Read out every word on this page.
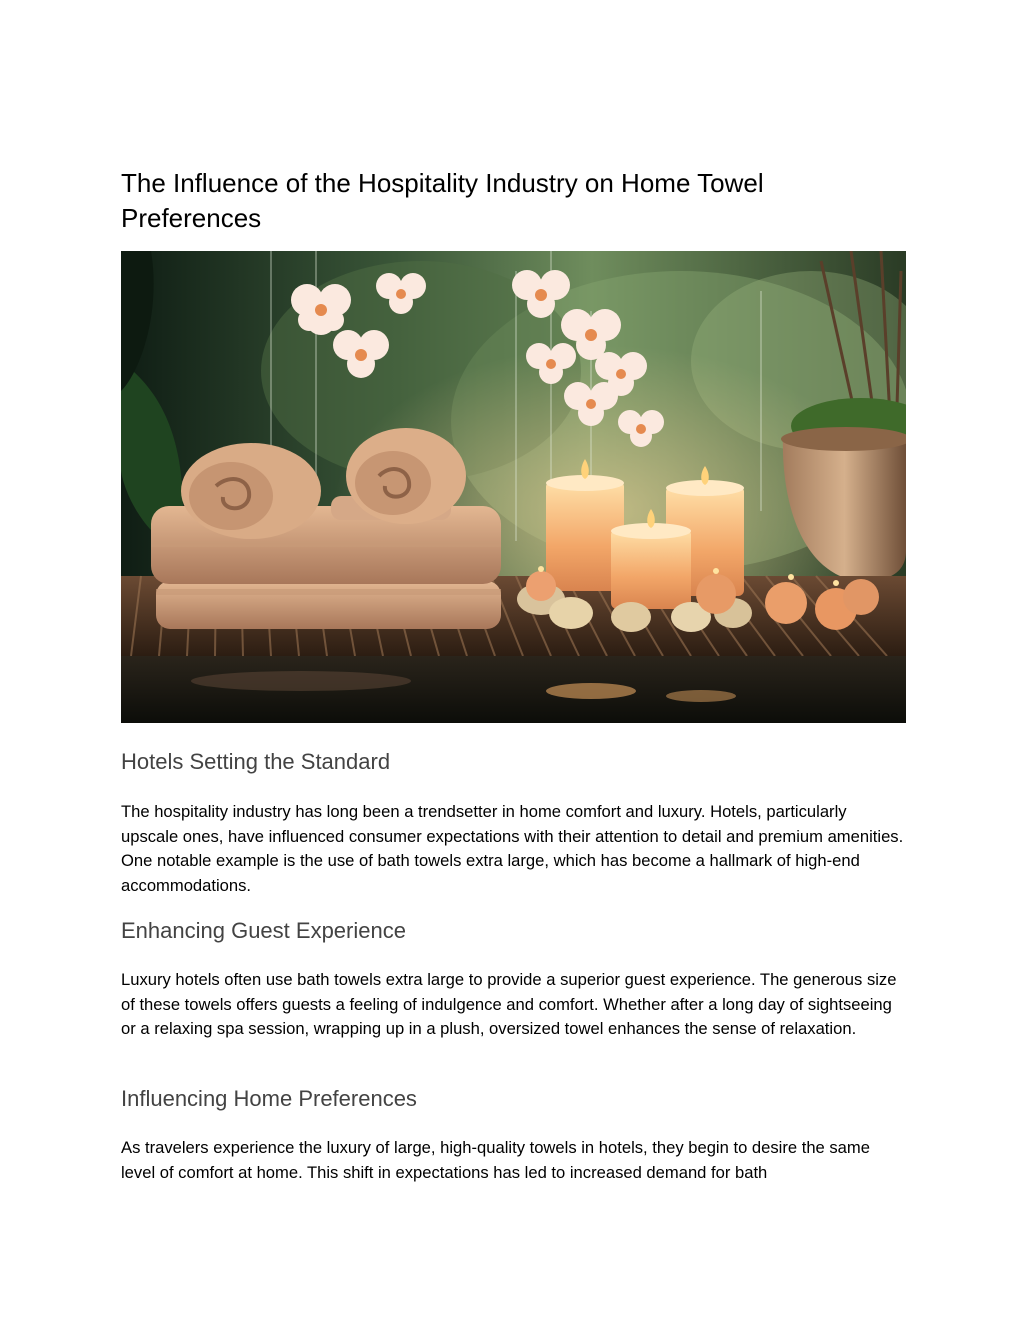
The Influence of the Hospitality Industry on Home Towel Preferences
Hotels Setting the Standard

The hospitality industry has long been a trendsetter in home comfort and luxury. Hotels, particularly upscale ones, have influenced consumer expectations with their attention to detail and premium amenities. One notable example is the use of bath towels extra large, which has become a hallmark of high-end accommodations.

Enhancing Guest Experience

Luxury hotels often use bath towels extra large to provide a superior guest experience. The generous size of these towels offers guests a feeling of indulgence and comfort. Whether after a long day of sightseeing or a relaxing spa session, wrapping up in a plush, oversized towel enhances the sense of relaxation.

Influencing Home Preferences

As travelers experience the luxury of large, high-quality towels in hotels, they begin to desire the same level of comfort at home. This shift in expectations has led to increased demand for bath
